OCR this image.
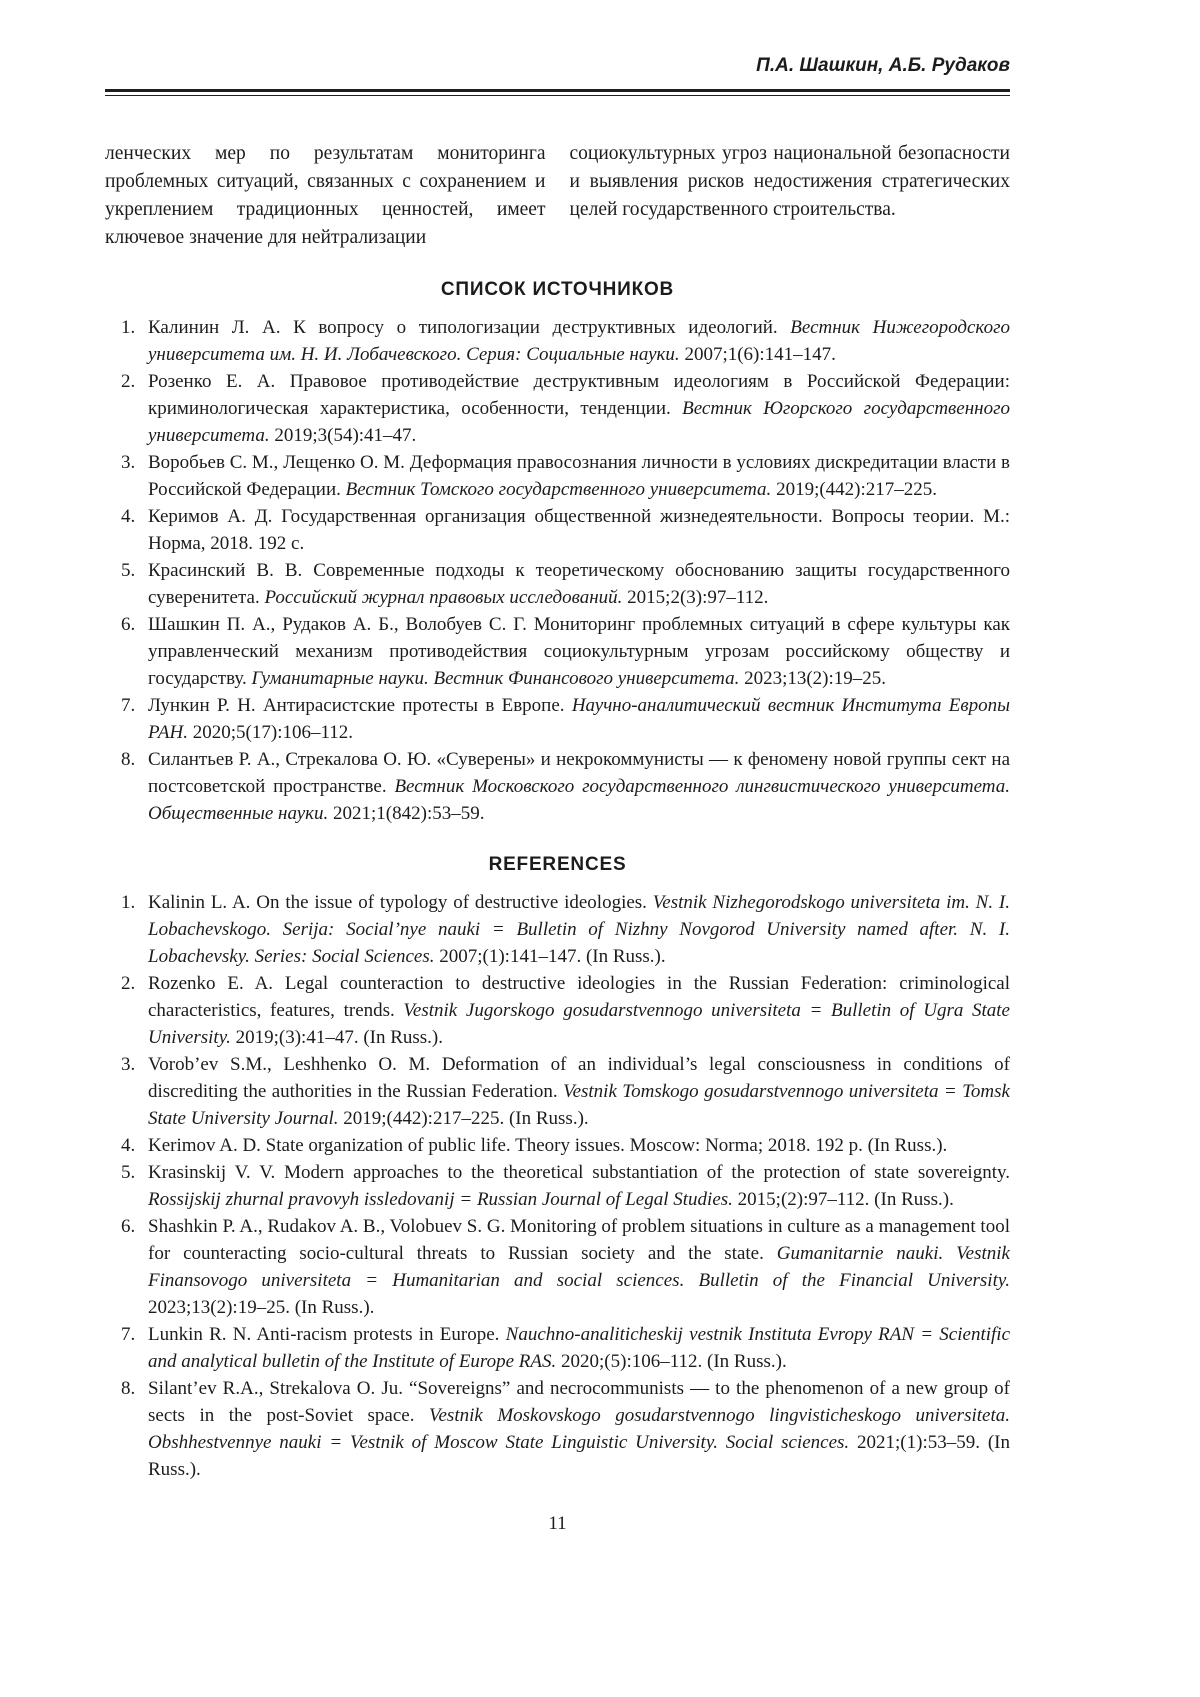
П.А. Шашкин, А.Б. Рудаков

ленческих мер по результатам мониторинга проблемных ситуаций, связанных с сохранением и укреплением традиционных ценностей, имеет ключевое значение для нейтрализации

социокультурных угроз национальной безопасности и выявления рисков недостижения стратегических целей государственного строительства.

СПИСОК ИСТОЧНИКОВ
1. Калинин Л. А. К вопросу о типологизации деструктивных идеологий. Вестник Нижегородского университета им. Н. И. Лобачевского. Серия: Социальные науки. 2007;1(6):141–147.
2. Розенко Е. А. Правовое противодействие деструктивным идеологиям в Российской Федерации: криминологическая характеристика, особенности, тенденции. Вестник Югорского государственного университета. 2019;3(54):41–47.
3. Воробьев С. М., Лещенко О. М. Деформация правосознания личности в условиях дискредитации власти в Российской Федерации. Вестник Томского государственного университета. 2019;(442):217–225.
4. Керимов А. Д. Государственная организация общественной жизнедеятельности. Вопросы теории. М.: Норма, 2018. 192 с.
5. Красинский В. В. Современные подходы к теоретическому обоснованию защиты государственного суверенитета. Российский журнал правовых исследований. 2015;2(3):97–112.
6. Шашкин П. А., Рудаков А. Б., Волобуев С. Г. Мониторинг проблемных ситуаций в сфере культуры как управленческий механизм противодействия социокультурным угрозам российскому обществу и государству. Гуманитарные науки. Вестник Финансового университета. 2023;13(2):19–25.
7. Лункин Р. Н. Антирасистские протесты в Европе. Научно-аналитический вестник Института Европы РАН. 2020;5(17):106–112.
8. Силантьев Р. А., Стрекалова О. Ю. «Суверены» и некрокоммунисты — к феномену новой группы сект на постсоветской пространстве. Вестник Московского государственного лингвистического университета. Общественные науки. 2021;1(842):53–59.
REFERENCES
1. Kalinin L. A. On the issue of typology of destructive ideologies. Vestnik Nizhegorodskogo universiteta im. N. I. Lobachevskogo. Serija: Social’nye nauki = Bulletin of Nizhny Novgorod University named after. N. I. Lobachevsky. Series: Social Sciences. 2007;(1):141–147. (In Russ.).
2. Rozenko E. A. Legal counteraction to destructive ideologies in the Russian Federation: criminological characteristics, features, trends. Vestnik Jugorskogo gosudarstvennogo universiteta = Bulletin of Ugra State University. 2019;(3):41–47. (In Russ.).
3. Vorob’ev S.M., Leshhenko O. M. Deformation of an individual’s legal consciousness in conditions of discrediting the authorities in the Russian Federation. Vestnik Tomskogo gosudarstvennogo universiteta = Tomsk State University Journal. 2019;(442):217–225. (In Russ.).
4. Kerimov A. D. State organization of public life. Theory issues. Moscow: Norma; 2018. 192 p. (In Russ.).
5. Krasinskij V. V. Modern approaches to the theoretical substantiation of the protection of state sovereignty. Rossijskij zhurnal pravovyh issledovanij = Russian Journal of Legal Studies. 2015;(2):97–112. (In Russ.).
6. Shashkin P. A., Rudakov A. B., Volobuev S. G. Monitoring of problem situations in culture as a management tool for counteracting socio-cultural threats to Russian society and the state. Gumanitarnie nauki. Vestnik Finansovogo universiteta = Humanitarian and social sciences. Bulletin of the Financial University. 2023;13(2):19–25. (In Russ.).
7. Lunkin R. N. Anti-racism protests in Europe. Nauchno-analiticheskij vestnik Instituta Evropy RAN = Scientific and analytical bulletin of the Institute of Europe RAS. 2020;(5):106–112. (In Russ.).
8. Silant’ev R.A., Strekalova O. Ju. “Sovereigns” and necrocommunists — to the phenomenon of a new group of sects in the post-Soviet space. Vestnik Moskovskogo gosudarstvennogo lingvisticheskogo universiteta. Obshhestvennye nauki = Vestnik of Moscow State Linguistic University. Social sciences. 2021;(1):53–59. (In Russ.).
11
